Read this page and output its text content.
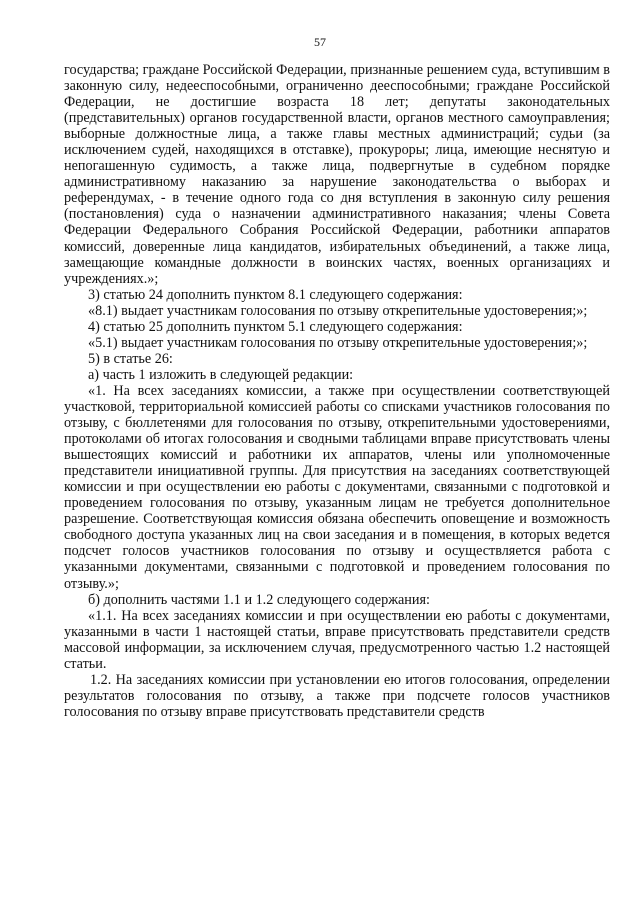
57

государства; граждане Российской Федерации, признанные решением суда, вступившим в законную силу, недееспособными, ограниченно дееспособными; граждане Российской Федерации, не достигшие возраста 18 лет; депутаты законодательных (представительных) органов государственной власти, органов местного самоуправления; выборные должностные лица, а также главы местных администраций; судьи (за исключением судей, находящихся в отставке), прокуроры; лица, имеющие неснятую и непогашенную судимость, а также лица, подвергнутые в судебном порядке административному наказанию за нарушение законодательства о выборах и референдумах, - в течение одного года со дня вступления в законную силу решения (постановления) суда о назначении административного наказания; члены Совета Федерации Федерального Собрания Российской Федерации, работники аппаратов комиссий, доверенные лица кандидатов, избирательных объединений, а также лица, замещающие командные должности в воинских частях, военных организациях и учреждениях.»;

3) статью 24 дополнить пунктом 8.1 следующего содержания:

«8.1) выдает участникам голосования по отзыву открепительные удостоверения;»;

4) статью 25 дополнить пунктом 5.1 следующего содержания:

«5.1) выдает участникам голосования по отзыву открепительные удостоверения;»;

5) в статье 26:

а) часть 1 изложить в следующей редакции:

«1. На всех заседаниях комиссии, а также при осуществлении соответствующей участковой, территориальной комиссией работы со списками участников голосования по отзыву, с бюллетенями для голосования по отзыву, открепительными удостоверениями, протоколами об итогах голосования и сводными таблицами вправе присутствовать члены вышестоящих комиссий и работники их аппаратов, члены или уполномоченные представители инициативной группы. Для присутствия на заседаниях соответствующей комиссии и при осуществлении ею работы с документами, связанными с подготовкой и проведением голосования по отзыву, указанным лицам не требуется дополнительное разрешение. Соответствующая комиссия обязана обеспечить оповещение и возможность свободного доступа указанных лиц на свои заседания и в помещения, в которых ведется подсчет голосов участников голосования по отзыву и осуществляется работа с указанными документами, связанными с подготовкой и проведением голосования по отзыву.»;

б) дополнить частями 1.1 и 1.2 следующего содержания:

«1.1. На всех заседаниях комиссии и при осуществлении ею работы с документами, указанными в части 1 настоящей статьи, вправе присутствовать представители средств массовой информации, за исключением случая, предусмотренного частью 1.2 настоящей статьи.

1.2. На заседаниях комиссии при установлении ею итогов голосования, определении результатов голосования по отзыву, а также при подсчете голосов участников голосования по отзыву вправе присутствовать представители средств
